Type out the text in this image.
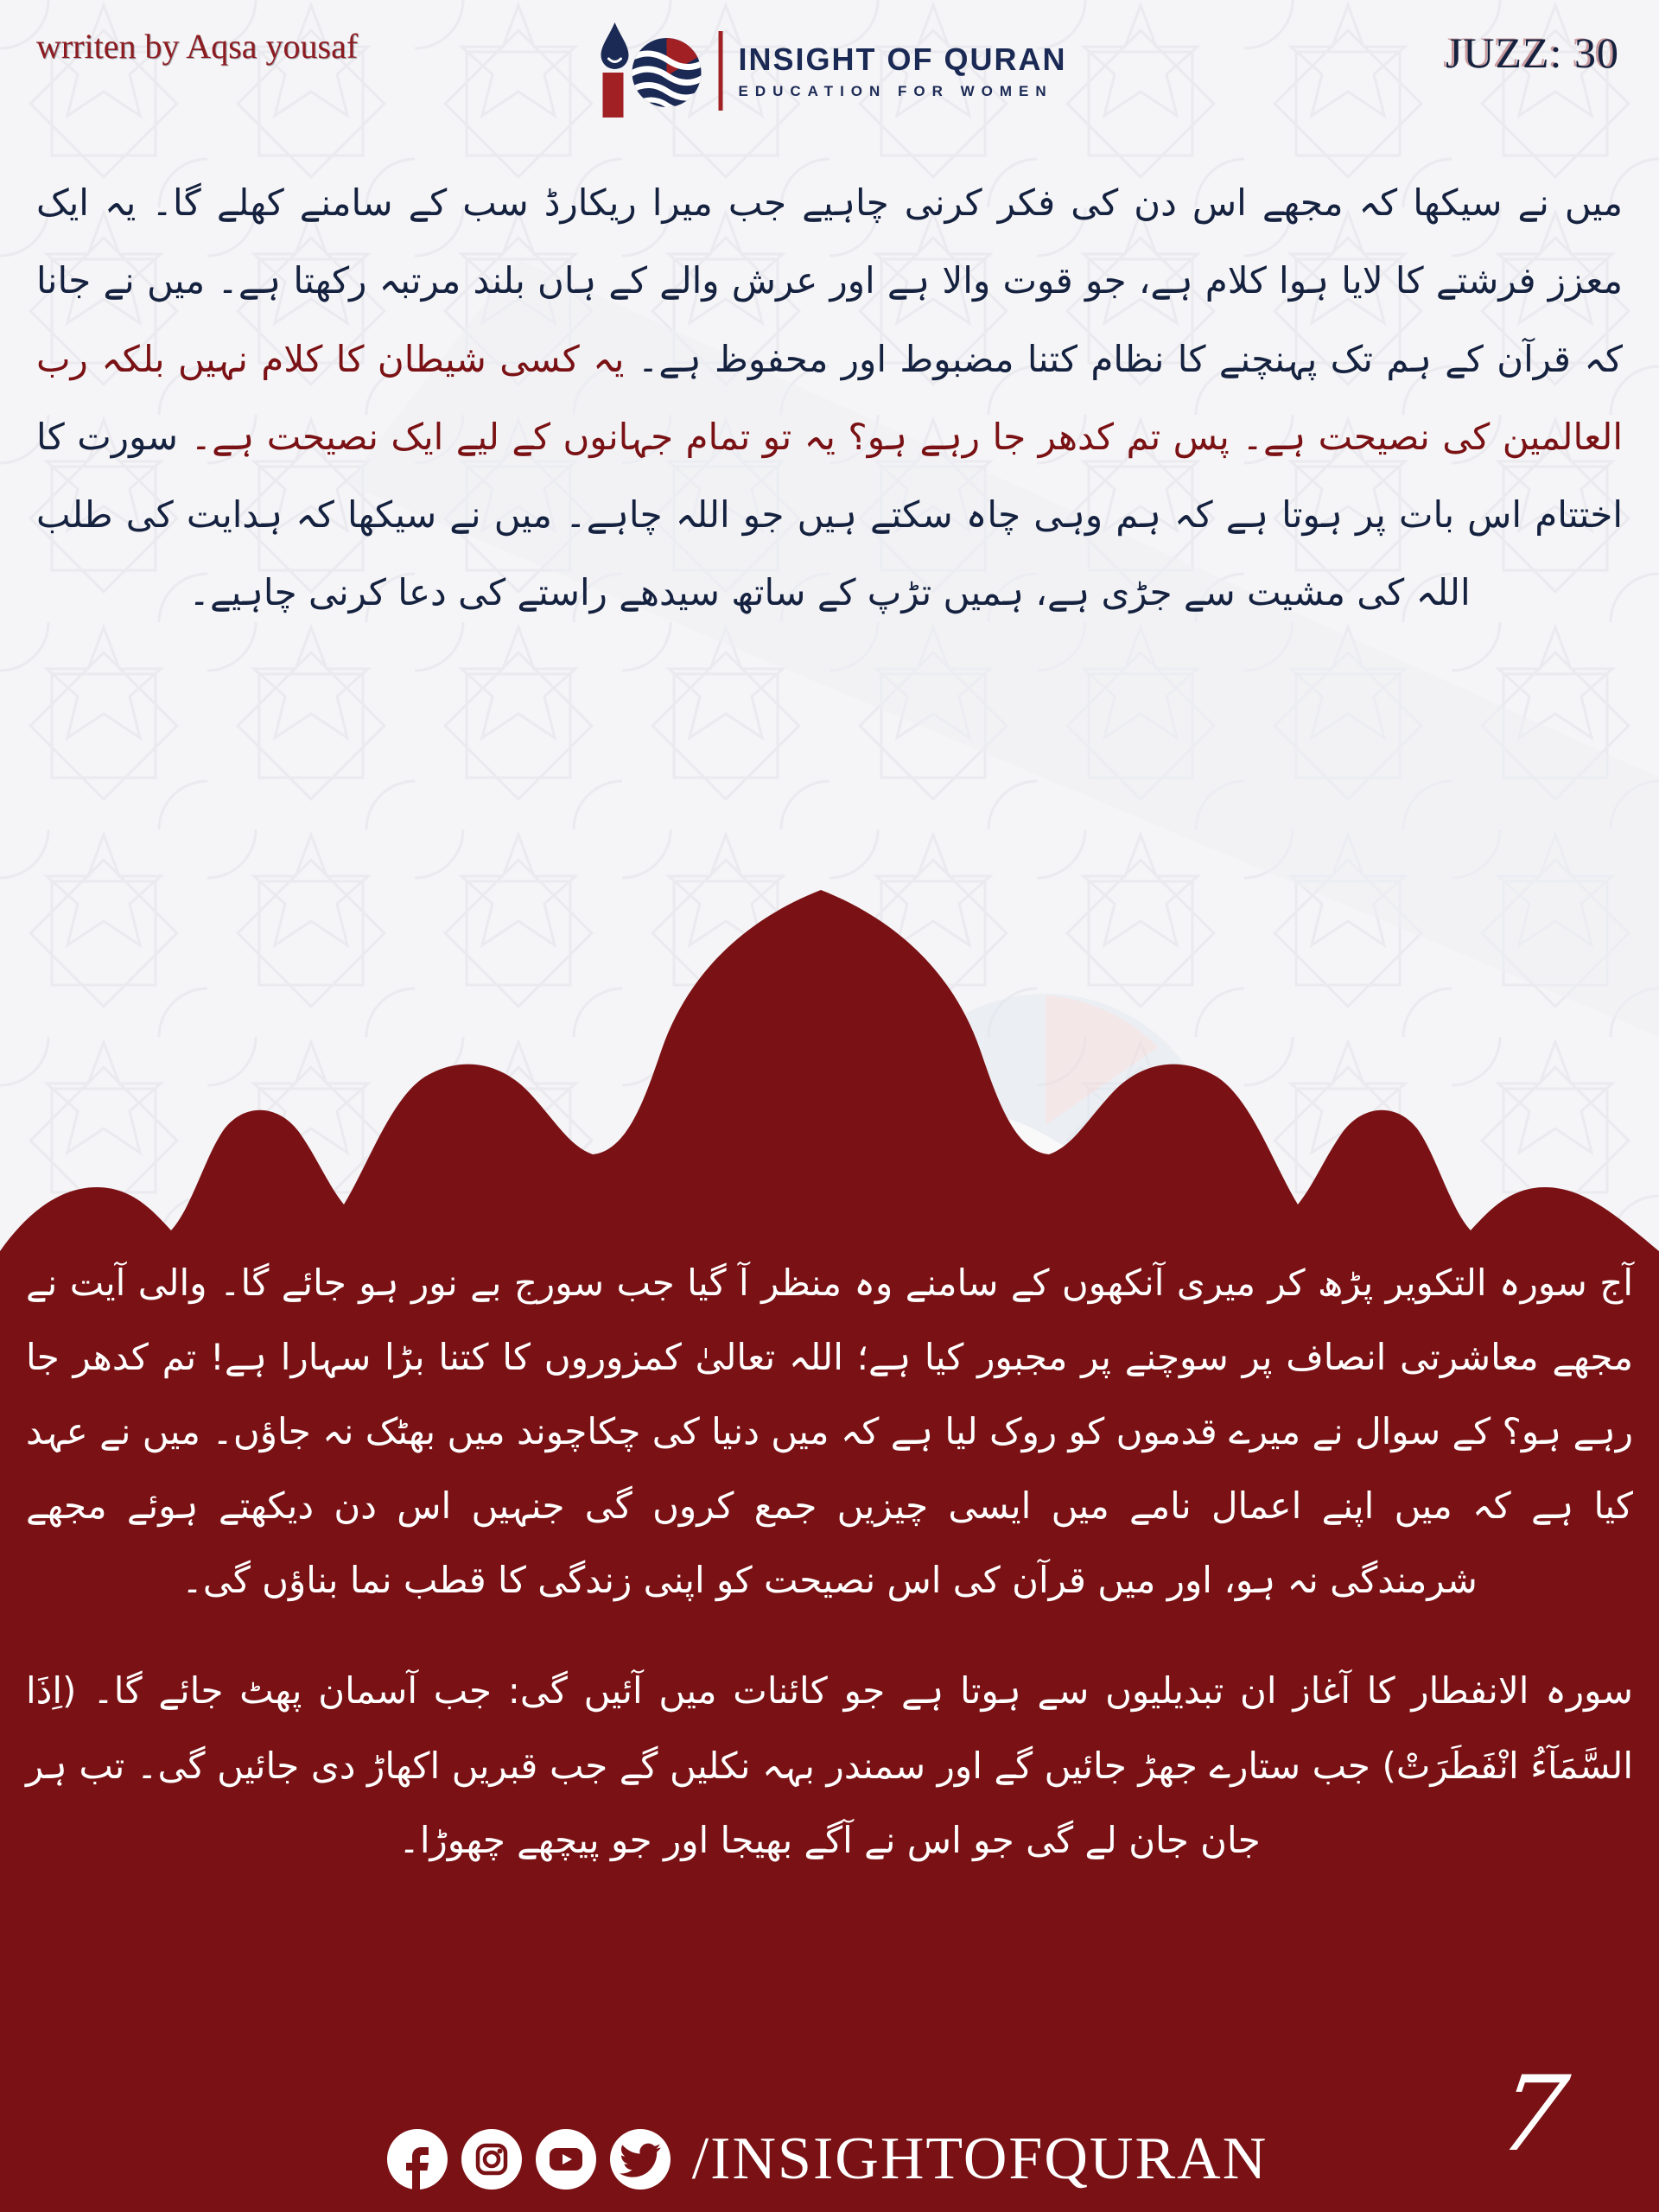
wrriten by Aqsa yousaf	INSIGHT OF QURAN
EDUCATION FOR WOMEN
JUZZ: 30

میں نے سیکھا کہ مجھے اس دن کی فکر کرنی چاہیے جب میرا ریکارڈ سب کے سامنے کھلے گا۔ یہ ایک معزز فرشتے کا لایا ہوا کلام ہے، جو قوت والا ہے اور عرش والے کے ہاں بلند مرتبہ رکھتا ہے۔ میں نے جانا کہ قرآن کے ہم تک پہنچنے کا نظام کتنا مضبوط اور محفوظ ہے۔ یہ کسی شیطان کا کلام نہیں بلکہ رب العالمین کی نصیحت ہے۔ پس تم کدھر جا رہے ہو؟ یہ تو تمام جہانوں کے لیے ایک نصیحت ہے۔ سورت کا اختتام اس بات پر ہوتا ہے کہ ہم وہی چاہ سکتے ہیں جو اللہ چاہے۔ میں نے سیکھا کہ ہدایت کی طلب اللہ کی مشیت سے جڑی ہے، ہمیں تڑپ کے ساتھ سیدھے راستے کی دعا کرنی چاہیے۔

آج سورہ التکویر پڑھ کر میری آنکھوں کے سامنے وہ منظر آ گیا جب سورج بے نور ہو جائے گا۔ والی آیت نے مجھے معاشرتی انصاف پر سوچنے پر مجبور کیا ہے؛ اللہ تعالیٰ کمزوروں کا کتنا بڑا سہارا ہے! تم کدھر جا رہے ہو؟ کے سوال نے میرے قدموں کو روک لیا ہے کہ میں دنیا کی چکاچوند میں بھٹک نہ جاؤں۔ میں نے عہد کیا ہے کہ میں اپنے اعمال نامے میں ایسی چیزیں جمع کروں گی جنہیں اس دن دیکھتے ہوئے مجھے شرمندگی نہ ہو، اور میں قرآن کی اس نصیحت کو اپنی زندگی کا قطب نما بناؤں گی۔

سورہ الانفطار کا آغاز ان تبدیلیوں سے ہوتا ہے جو کائنات میں آئیں گی: جب آسمان پھٹ جائے گا۔ (اِذَا السَّمَآءُ انْفَطَرَتْ) جب ستارے جھڑ جائیں گے اور سمندر بہہ نکلیں گے جب قبریں اکھاڑ دی جائیں گی۔ تب ہر جان جان لے گی جو اس نے آگے بھیجا اور جو پیچھے چھوڑا۔

7
/INSIGHTOFQURAN
